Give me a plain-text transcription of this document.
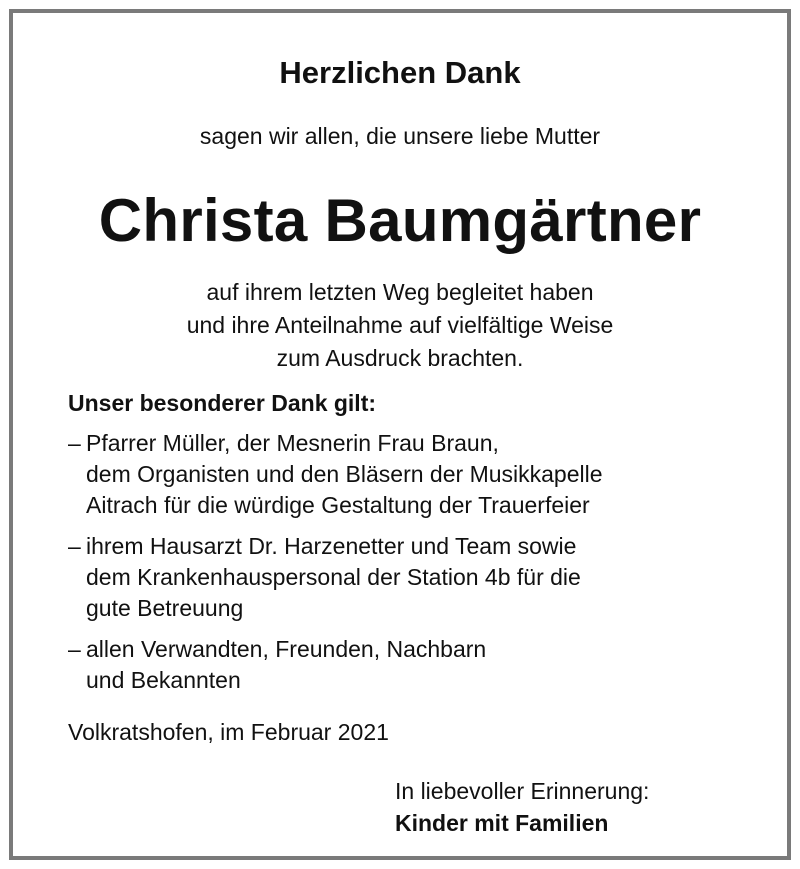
Herzlichen Dank
sagen wir allen, die unsere liebe Mutter
Christa Baumgärtner
auf ihrem letzten Weg begleitet haben
und ihre Anteilnahme auf vielfältige Weise
zum Ausdruck brachten.
Unser besonderer Dank gilt:
– Pfarrer Müller, der Mesnerin Frau Braun,
dem Organisten und den Bläsern der Musikkapelle
Aitrach für die würdige Gestaltung der Trauerfeier
– ihrem Hausarzt Dr. Harzenetter und Team sowie
dem Krankenhauspersonal der Station 4b für die
gute Betreuung
– allen Verwandten, Freunden, Nachbarn
und Bekannten
Volkratshofen, im Februar 2021
In liebevoller Erinnerung:
Kinder mit Familien
